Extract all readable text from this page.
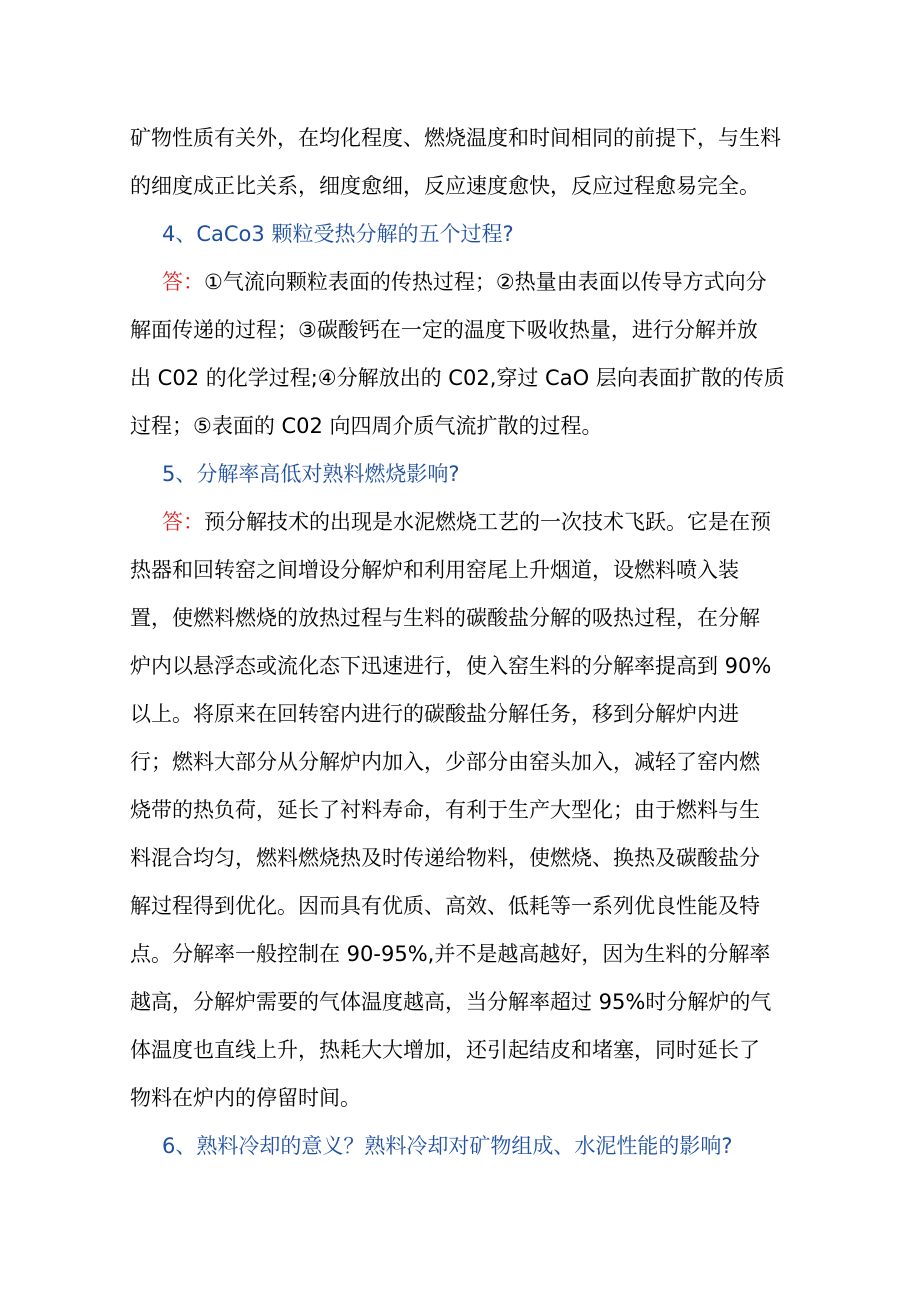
矿物性质有关外，在均化程度、燃烧温度和时间相同的前提下，与生料
的细度成正比关系，细度愈细，反应速度愈快，反应过程愈易完全。
4、CaCo3 颗粒受热分解的五个过程?
答：①气流向颗粒表面的传热过程；②热量由表面以传导方式向分
解面传递的过程；③碳酸钙在一定的温度下吸收热量，进行分解并放
出 C02 的化学过程;④分解放出的 C02,穿过 CaO 层向表面扩散的传质
过程；⑤表面的 C02 向四周介质气流扩散的过程。
5、分解率高低对熟料燃烧影响?
答：预分解技术的出现是水泥燃烧工艺的一次技术飞跃。它是在预
热器和回转窑之间增设分解炉和利用窑尾上升烟道，设燃料喷入装
置，使燃料燃烧的放热过程与生料的碳酸盐分解的吸热过程，在分解
炉内以悬浮态或流化态下迅速进行，使入窑生料的分解率提高到 90%
以上。将原来在回转窑内进行的碳酸盐分解任务，移到分解炉内进
行；燃料大部分从分解炉内加入，少部分由窑头加入，减轻了窑内燃
烧带的热负荷，延长了衬料寿命，有利于生产大型化；由于燃料与生
料混合均匀，燃料燃烧热及时传递给物料，使燃烧、换热及碳酸盐分
解过程得到优化。因而具有优质、高效、低耗等一系列优良性能及特
点。分解率一般控制在 90-95%,并不是越高越好，因为生料的分解率
越高，分解炉需要的气体温度越高，当分解率超过 95%时分解炉的气
体温度也直线上升，热耗大大增加，还引起结皮和堵塞，同时延长了
物料在炉内的停留时间。
6、熟料冷却的意义？熟料冷却对矿物组成、水泥性能的影响?
